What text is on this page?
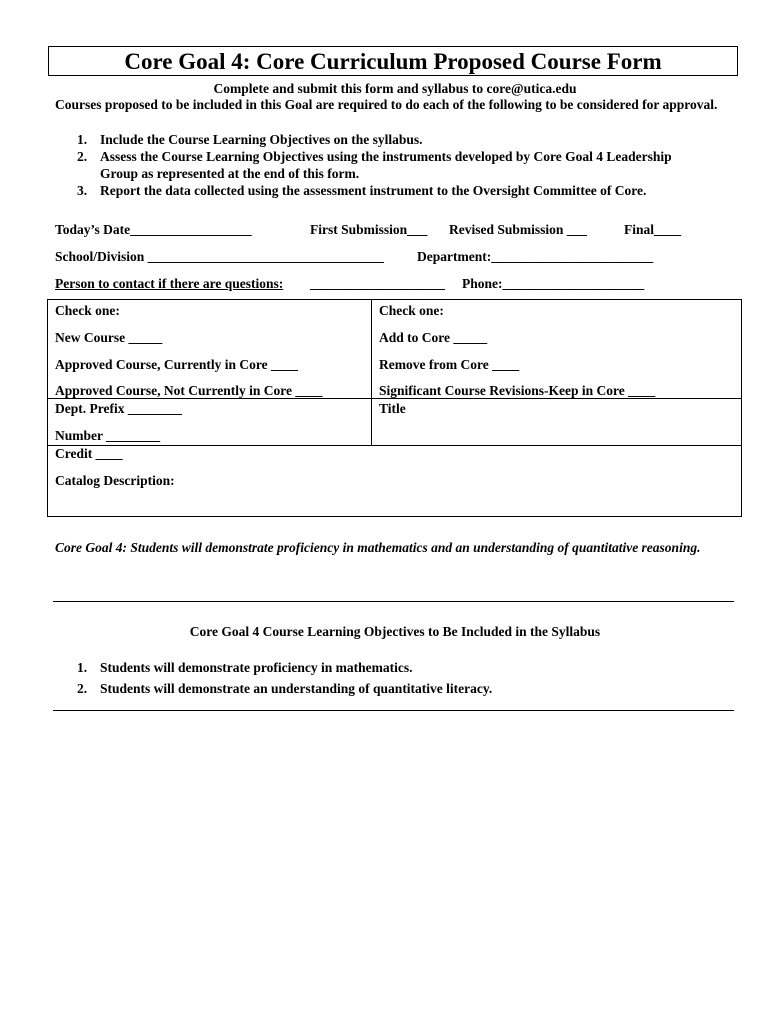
Core Goal 4: Core Curriculum Proposed Course Form
Complete and submit this form and syllabus to core@utica.edu
Courses proposed to be included in this Goal are required to do each of the following to be considered for approval.
1. Include the Course Learning Objectives on the syllabus.
2. Assess the Course Learning Objectives using the instruments developed by Core Goal 4 Leadership Group as represented at the end of this form.
3. Report the data collected using the assessment instrument to the Oversight Committee of Core.
Today’s Date__________________	First Submission___ Revised Submission ___	Final____
School/Division ___________________________________ Department:________________________
Person to contact if there are questions: ____________________ Phone:_____________________
Check one:
New Course _____
Approved Course, Currently in Core ____
Approved Course, Not Currently in Core ____
Check one:
Add to Core _____
Remove from Core ____
Significant Course Revisions-Keep in Core ____
Dept. Prefix ________
Number ________
Title
Credit ____
Catalog Description:
Core Goal 4: Students will demonstrate proficiency in mathematics and an understanding of quantitative reasoning.
Core Goal 4 Course Learning Objectives to Be Included in the Syllabus
1. Students will demonstrate proficiency in mathematics.
2. Students will demonstrate an understanding of quantitative literacy.
